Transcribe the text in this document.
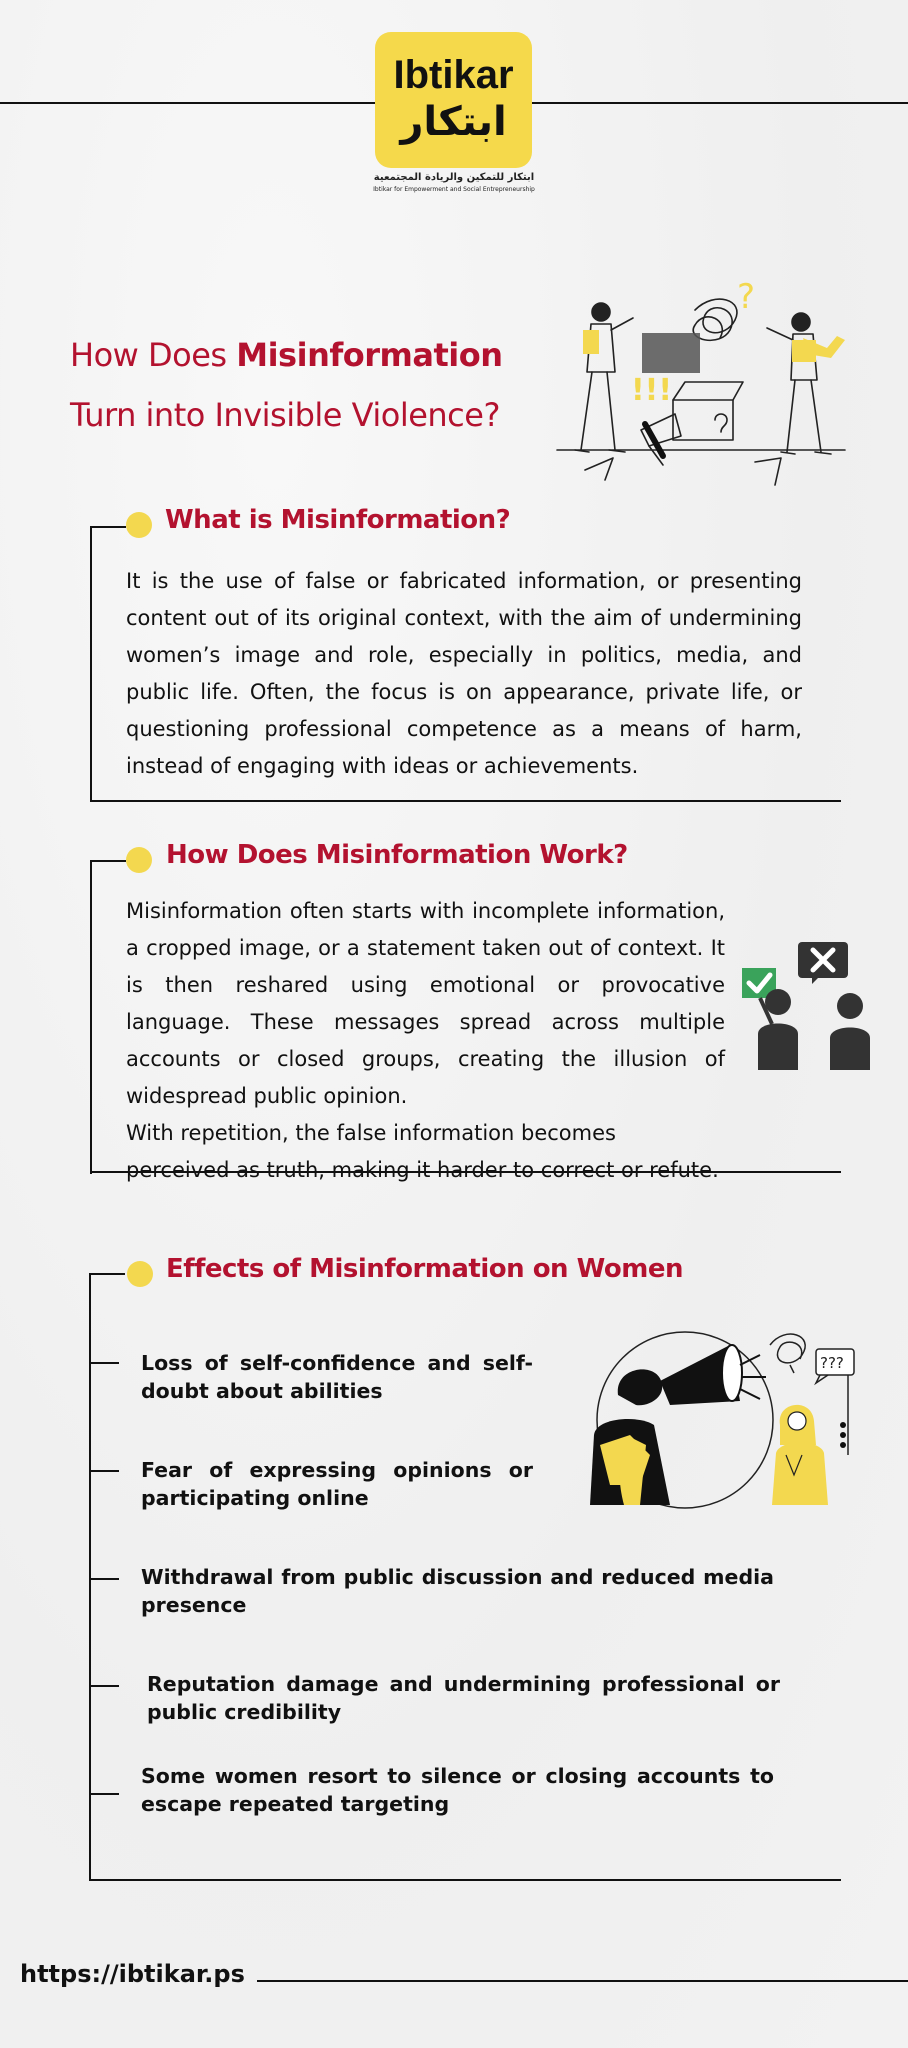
Ibtikar
ابتكار
ابتكار للتمكين والريادة المجتمعية
Ibtikar for Empowerment and Social Entrepreneurship
How Does Misinformation
Turn into Invisible Violence?
?
!!!
What is Misinformation?
It is the use of false or fabricated information, or presenting content out of its original context, with the aim of undermining women’s image and role, especially in politics, media, and public life. Often, the focus is on appearance, private life, or questioning professional competence as a means of harm, instead of engaging with ideas or achievements.
How Does Misinformation Work?

Misinformation often starts with incomplete information, a cropped image, or a statement taken out of context. It is then reshared using emotional or provocative language. These messages spread across multiple accounts or closed groups, creating the illusion of widespread public opinion.

With repetition, the false information becomes perceived as truth, making it harder to correct or refute.

Effects of Misinformation on Women
Loss of self-confidence and self-doubt about abilities
Fear of expressing opinions or participating online
Withdrawal from public discussion and reduced media presence
Reputation damage and undermining professional or public credibility
Some women resort to silence or closing accounts to escape repeated targeting
???
https://ibtikar.ps
